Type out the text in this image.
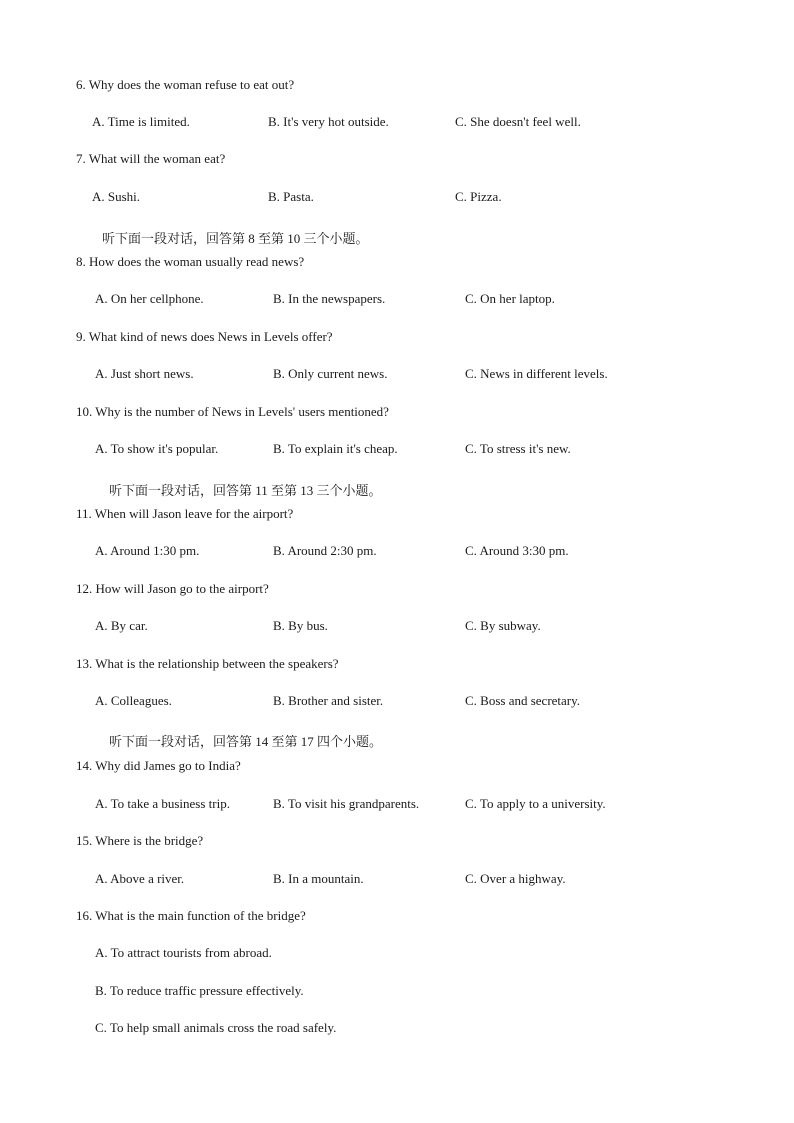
6. Why does the woman refuse to eat out?
A. Time is limited.	B. It's very hot outside.	C. She doesn't feel well.
7. What will the woman eat?
A. Sushi.	B. Pasta.	C. Pizza.
听下面一段对话，回答第 8 至第 10 三个小题。
8. How does the woman usually read news?
A. On her cellphone.	B. In the newspapers.	C. On her laptop.
9. What kind of news does News in Levels offer?
A. Just short news.	B. Only current news.	C. News in different levels.
10. Why is the number of News in Levels' users mentioned?
A. To show it's popular.	B. To explain it's cheap.	C. To stress it's new.
听下面一段对话，回答第 11 至第 13 三个小题。
11. When will Jason leave for the airport?
A. Around 1:30 pm.	B. Around 2:30 pm.	C. Around 3:30 pm.
12. How will Jason go to the airport?
A. By car.	B. By bus.	C. By subway.
13. What is the relationship between the speakers?
A. Colleagues.	B. Brother and sister.	C. Boss and secretary.
听下面一段对话，回答第 14 至第 17 四个小题。
14. Why did James go to India?
A. To take a business trip.	B. To visit his grandparents.	C. To apply to a university.
15. Where is the bridge?
A. Above a river.	B. In a mountain.	C. Over a highway.
16. What is the main function of the bridge?
A. To attract tourists from abroad.
B. To reduce traffic pressure effectively.
C. To help small animals cross the road safely.
